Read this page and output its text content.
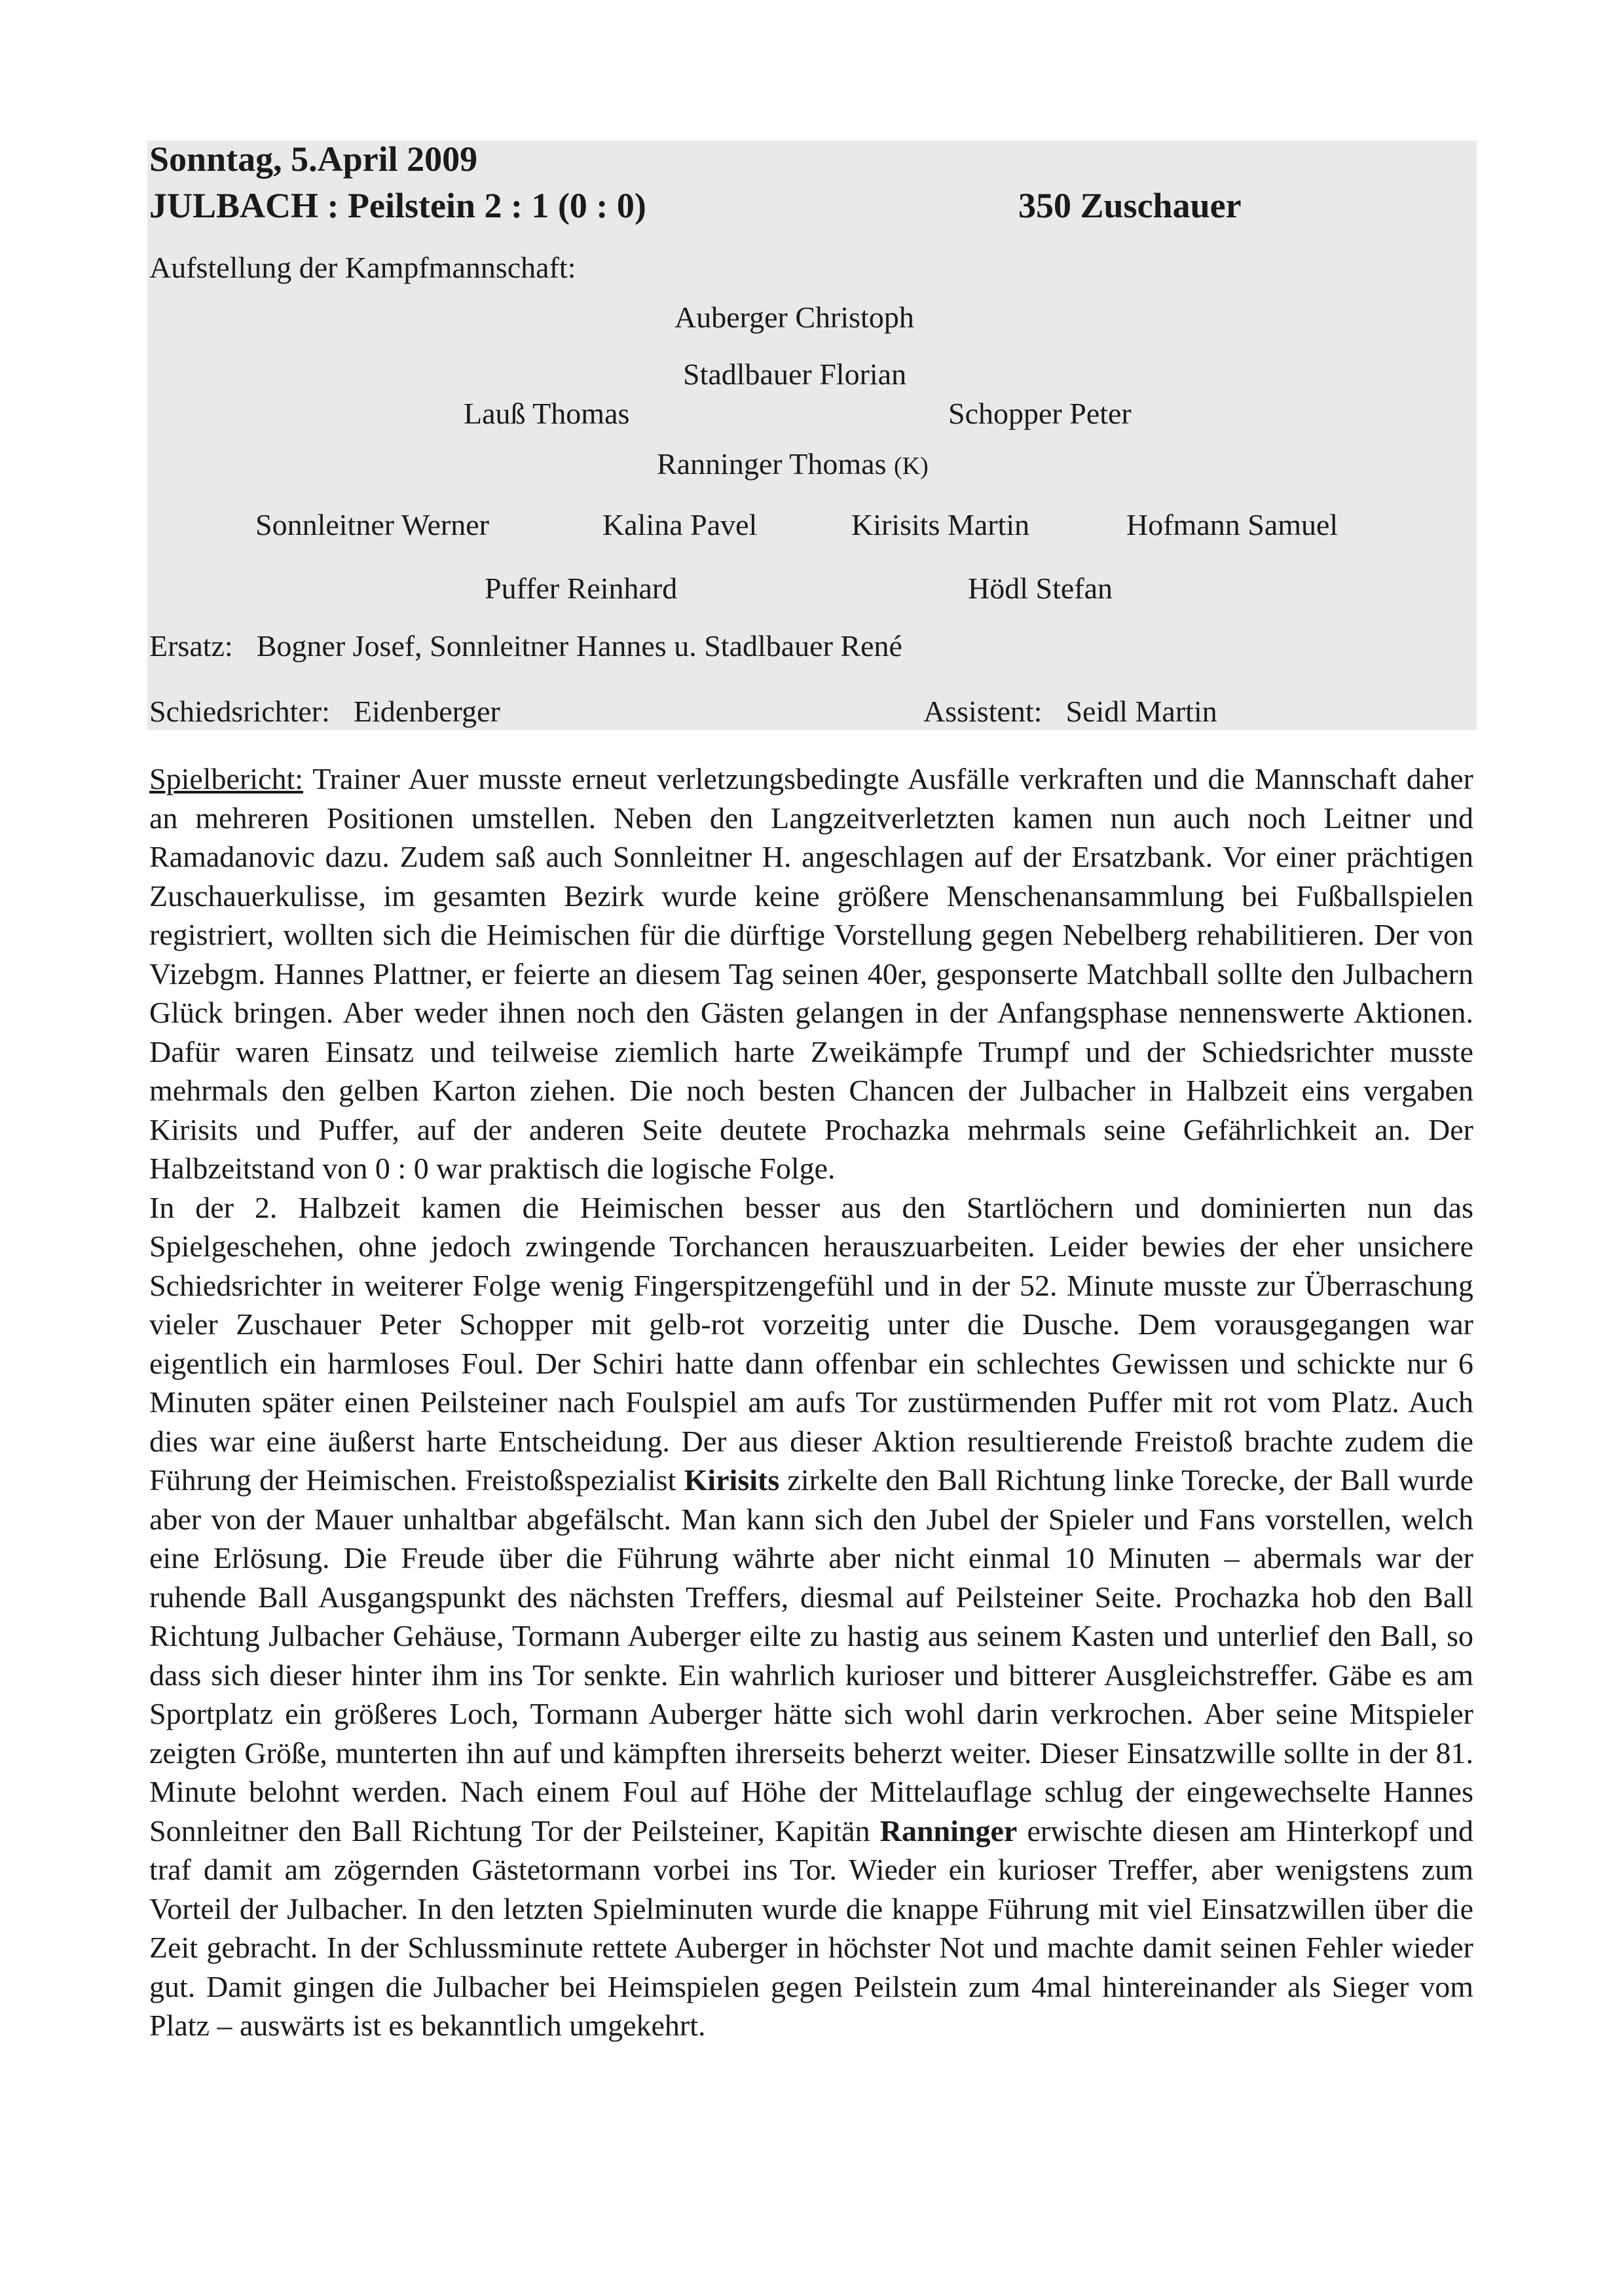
Sonntag, 5.April 2009
JULBACH : Peilstein 2 : 1 (0 : 0)	350 Zuschauer
Aufstellung der Kampfmannschaft:
Auberger Christoph
Stadlbauer Florian
Lauß Thomas	Schopper Peter
Ranninger Thomas (K)
Sonnleitner Werner	Kalina Pavel	Kirisits Martin	Hofmann Samuel
Puffer Reinhard	Hödl Stefan
Ersatz: Bogner Josef, Sonnleitner Hannes u. Stadlbauer René
Schiedsrichter: Eidenberger	Assistent: Seidl Martin

Spielbericht: Trainer Auer musste erneut verletzungsbedingte Ausfälle verkraften und die Mannschaft daher an mehreren Positionen umstellen. Neben den Langzeitverletzten kamen nun auch noch Leitner und Ramadanovic dazu. Zudem saß auch Sonnleitner H. angeschlagen auf der Ersatzbank. Vor einer prächtigen Zuschauerkulisse, im gesamten Bezirk wurde keine größere Menschenansammlung bei Fußballspielen registriert, wollten sich die Heimischen für die dürftige Vorstellung gegen Nebelberg rehabilitieren. Der von Vizebgm. Hannes Plattner, er feierte an diesem Tag seinen 40er, gesponserte Matchball sollte den Julbachern Glück bringen. Aber weder ihnen noch den Gästen gelangen in der Anfangsphase nennenswerte Aktionen. Dafür waren Einsatz und teilweise ziemlich harte Zweikämpfe Trumpf und der Schiedsrichter musste mehrmals den gelben Karton ziehen. Die noch besten Chancen der Julbacher in Halbzeit eins vergaben Kirisits und Puffer, auf der anderen Seite deutete Prochazka mehrmals seine Gefährlichkeit an. Der Halbzeitstand von 0 : 0 war praktisch die logische Folge.

In der 2. Halbzeit kamen die Heimischen besser aus den Startlöchern und dominierten nun das Spielgeschehen, ohne jedoch zwingende Torchancen herauszuarbeiten. Leider bewies der eher unsichere Schiedsrichter in weiterer Folge wenig Fingerspitzengefühl und in der 52. Minute musste zur Überraschung vieler Zuschauer Peter Schopper mit gelb-rot vorzeitig unter die Dusche. Dem vorausgegangen war eigentlich ein harmloses Foul. Der Schiri hatte dann offenbar ein schlechtes Gewissen und schickte nur 6 Minuten später einen Peilsteiner nach Foulspiel am aufs Tor zustürmenden Puffer mit rot vom Platz. Auch dies war eine äußerst harte Entscheidung. Der aus dieser Aktion resultierende Freistoß brachte zudem die Führung der Heimischen. Freistoßspezialist Kirisits zirkelte den Ball Richtung linke Torecke, der Ball wurde aber von der Mauer unhaltbar abgefälscht. Man kann sich den Jubel der Spieler und Fans vorstellen, welch eine Erlösung. Die Freude über die Führung währte aber nicht einmal 10 Minuten – abermals war der ruhende Ball Ausgangspunkt des nächsten Treffers, diesmal auf Peilsteiner Seite. Prochazka hob den Ball Richtung Julbacher Gehäuse, Tormann Auberger eilte zu hastig aus seinem Kasten und unterlief den Ball, so dass sich dieser hinter ihm ins Tor senkte. Ein wahrlich kurioser und bitterer Ausgleichstreffer. Gäbe es am Sportplatz ein größeres Loch, Tormann Auberger hätte sich wohl darin verkrochen. Aber seine Mitspieler zeigten Größe, munterten ihn auf und kämpften ihrerseits beherzt weiter. Dieser Einsatzwille sollte in der 81. Minute belohnt werden. Nach einem Foul auf Höhe der Mittelauflage schlug der eingewechselte Hannes Sonnleitner den Ball Richtung Tor der Peilsteiner, Kapitän Ranninger erwischte diesen am Hinterkopf und traf damit am zögernden Gästetormann vorbei ins Tor. Wieder ein kurioser Treffer, aber wenigstens zum Vorteil der Julbacher. In den letzten Spielminuten wurde die knappe Führung mit viel Einsatzwillen über die Zeit gebracht. In der Schlussminute rettete Auberger in höchster Not und machte damit seinen Fehler wieder gut. Damit gingen die Julbacher bei Heimspielen gegen Peilstein zum 4mal hintereinander als Sieger vom Platz – auswärts ist es bekanntlich umgekehrt.
